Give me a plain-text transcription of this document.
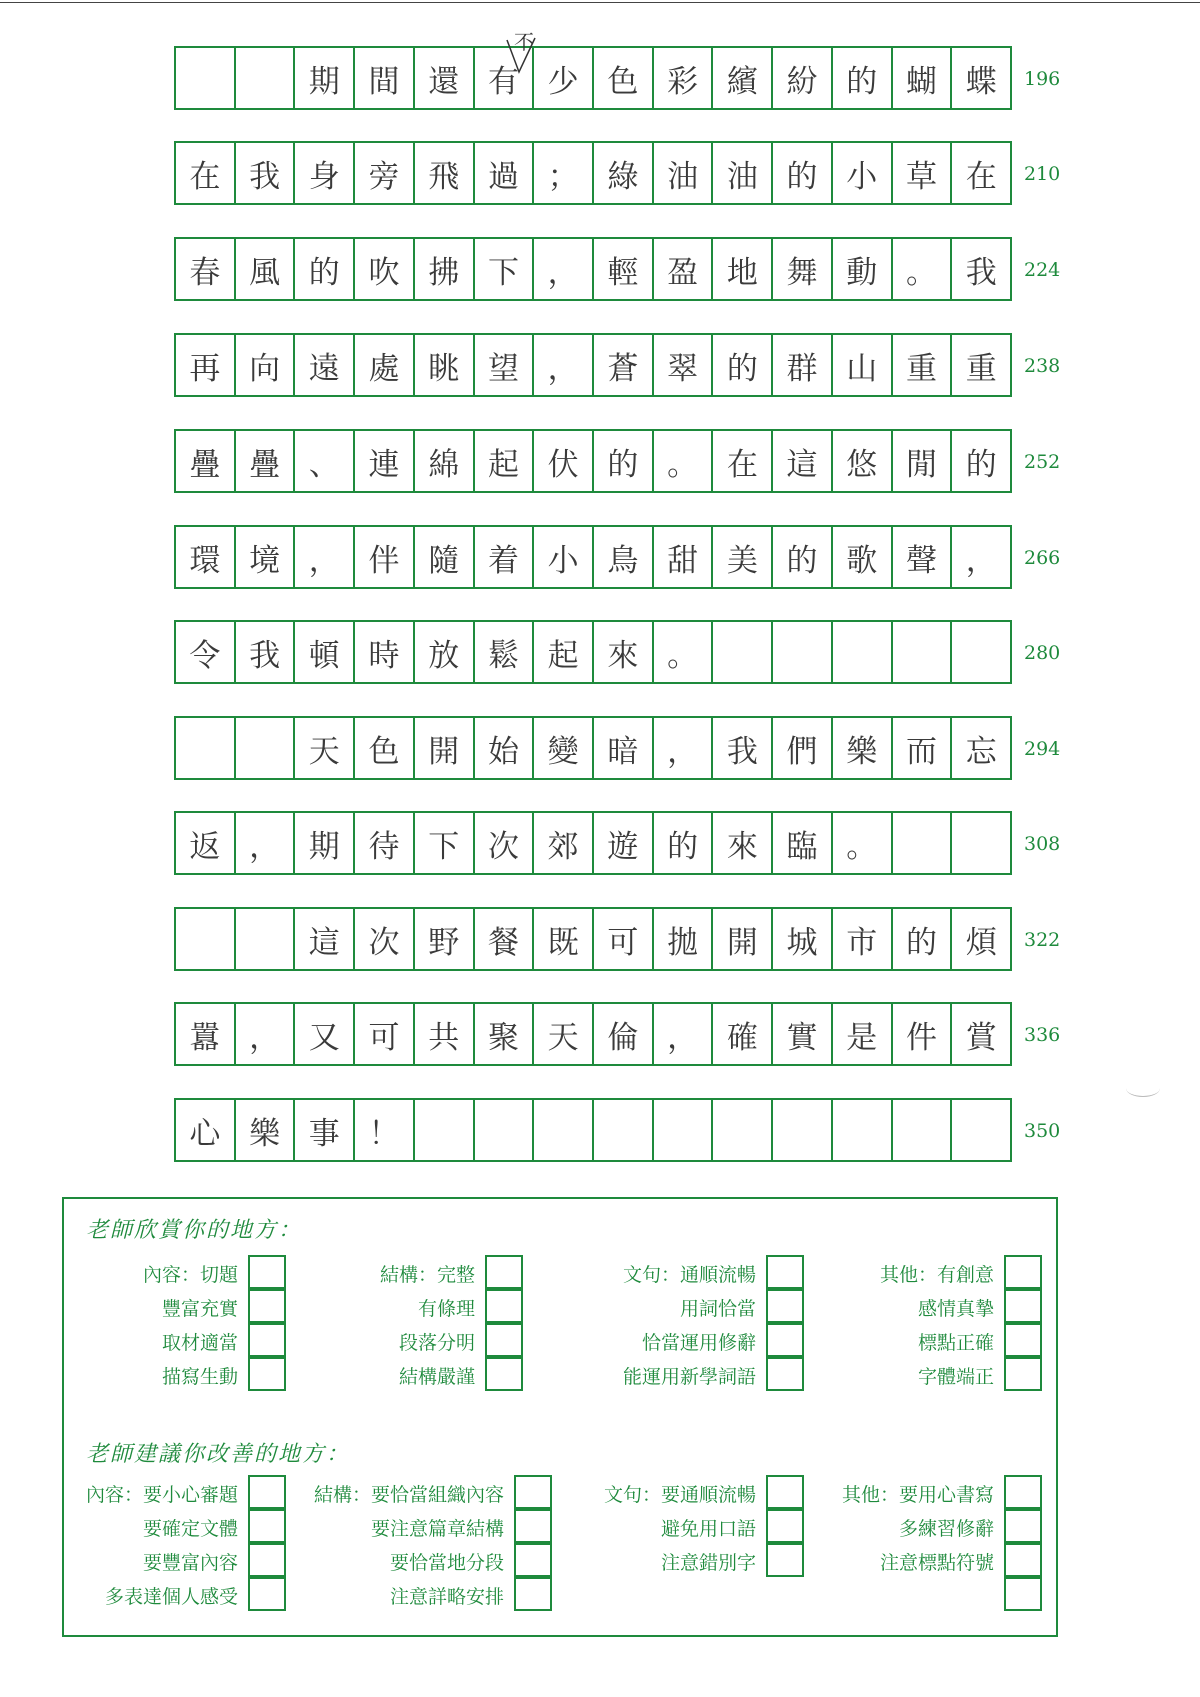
期 間 還 有 少 色 彩 繽 紛 的 蝴 蝶	196
在 我 身 旁 飛 過 ； 綠 油 油 的 小 草 在	210
春 風 的 吹 拂 下 ， 輕 盈 地 舞 動 。 我	224
再 向 遠 處 眺 望 ， 蒼 翠 的 群 山 重 重	238
疊 疊 、 連 綿 起 伏 的 。 在 這 悠 閒 的	252
環 境 ， 伴 隨 着 小 鳥 甜 美 的 歌 聲 ，	266
令 我 頓 時 放 鬆 起 來 。	280
天 色 開 始 變 暗 ， 我 們 樂 而 忘	294
返 ， 期 待 下 次 郊 遊 的 來 臨 。	308
這 次 野 餐 既 可 拋 開 城 市 的 煩	322
囂 ， 又 可 共 聚 天 倫 ， 確 實 是 件 賞	336
心 樂 事 ！	350
不
老師欣賞你的地方：
內容：切題
豐富充實
取材適當
描寫生動
結構：完整
有條理
段落分明
結構嚴謹
文句：通順流暢
用詞恰當
恰當運用修辭
能運用新學詞語
其他：有創意
感情真摯
標點正確
字體端正
老師建議你改善的地方：
內容：要小心審題
要確定文體
要豐富內容
多表達個人感受
結構：要恰當組織內容
要注意篇章結構
要恰當地分段
注意詳略安排
文句：要通順流暢
避免用口語
注意錯別字
其他：要用心書寫
多練習修辭
注意標點符號
